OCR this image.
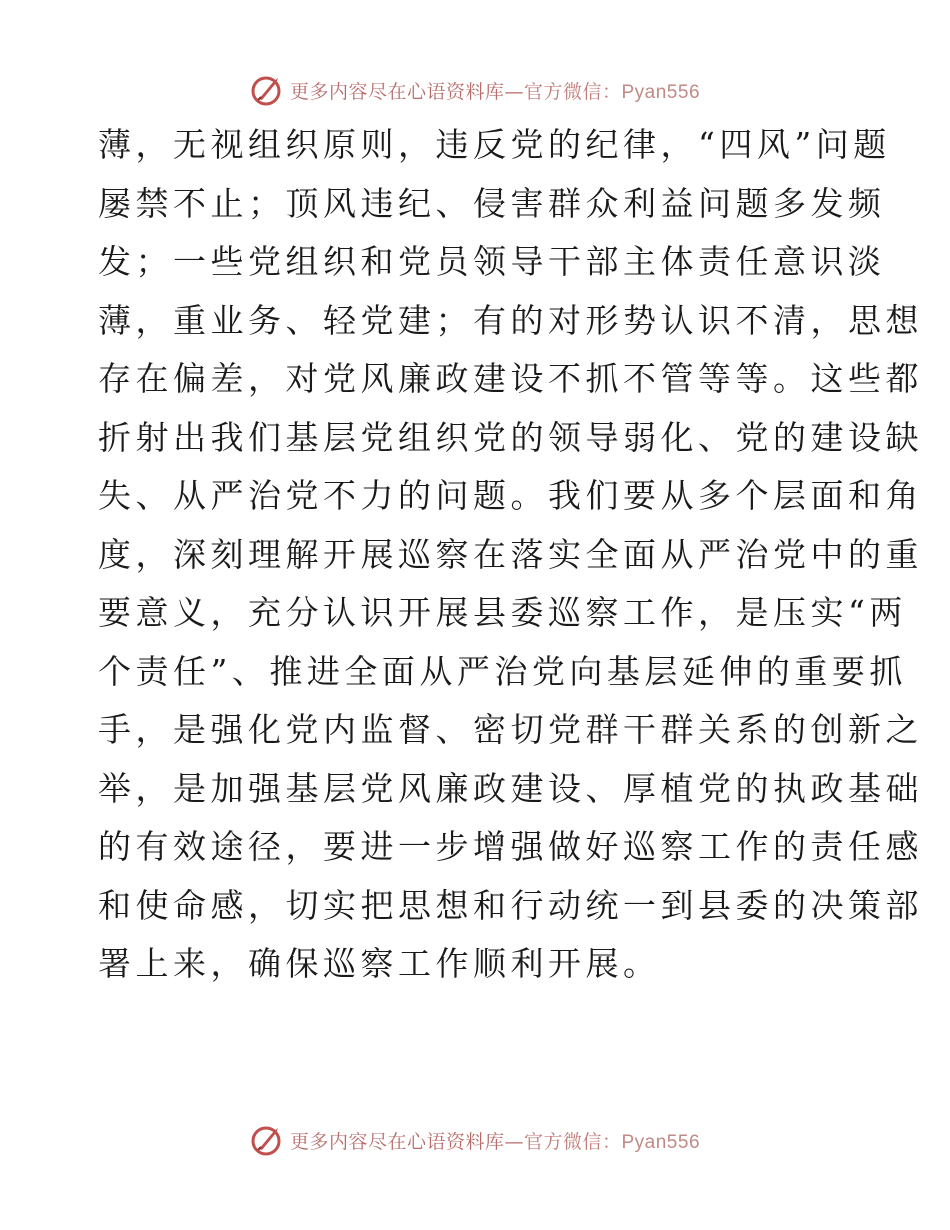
更多内容尽在心语资料库—官方微信：Pyan556
薄，无视组织原则，违反党的纪律，“四风”问题
屡禁不止；顶风违纪、侵害群众利益问题多发频
发；一些党组织和党员领导干部主体责任意识淡
薄，重业务、轻党建；有的对形势认识不清，思想
存在偏差，对党风廉政建设不抓不管等等。这些都
折射出我们基层党组织党的领导弱化、党的建设缺
失、从严治党不力的问题。我们要从多个层面和角
度，深刻理解开展巡察在落实全面从严治党中的重
要意义，充分认识开展县委巡察工作，是压实“两
个责任”、推进全面从严治党向基层延伸的重要抓
手，是强化党内监督、密切党群干群关系的创新之
举，是加强基层党风廉政建设、厚植党的执政基础
的有效途径，要进一步增强做好巡察工作的责任感
和使命感，切实把思想和行动统一到县委的决策部
署上来，确保巡察工作顺利开展。
更多内容尽在心语资料库—官方微信：Pyan556
